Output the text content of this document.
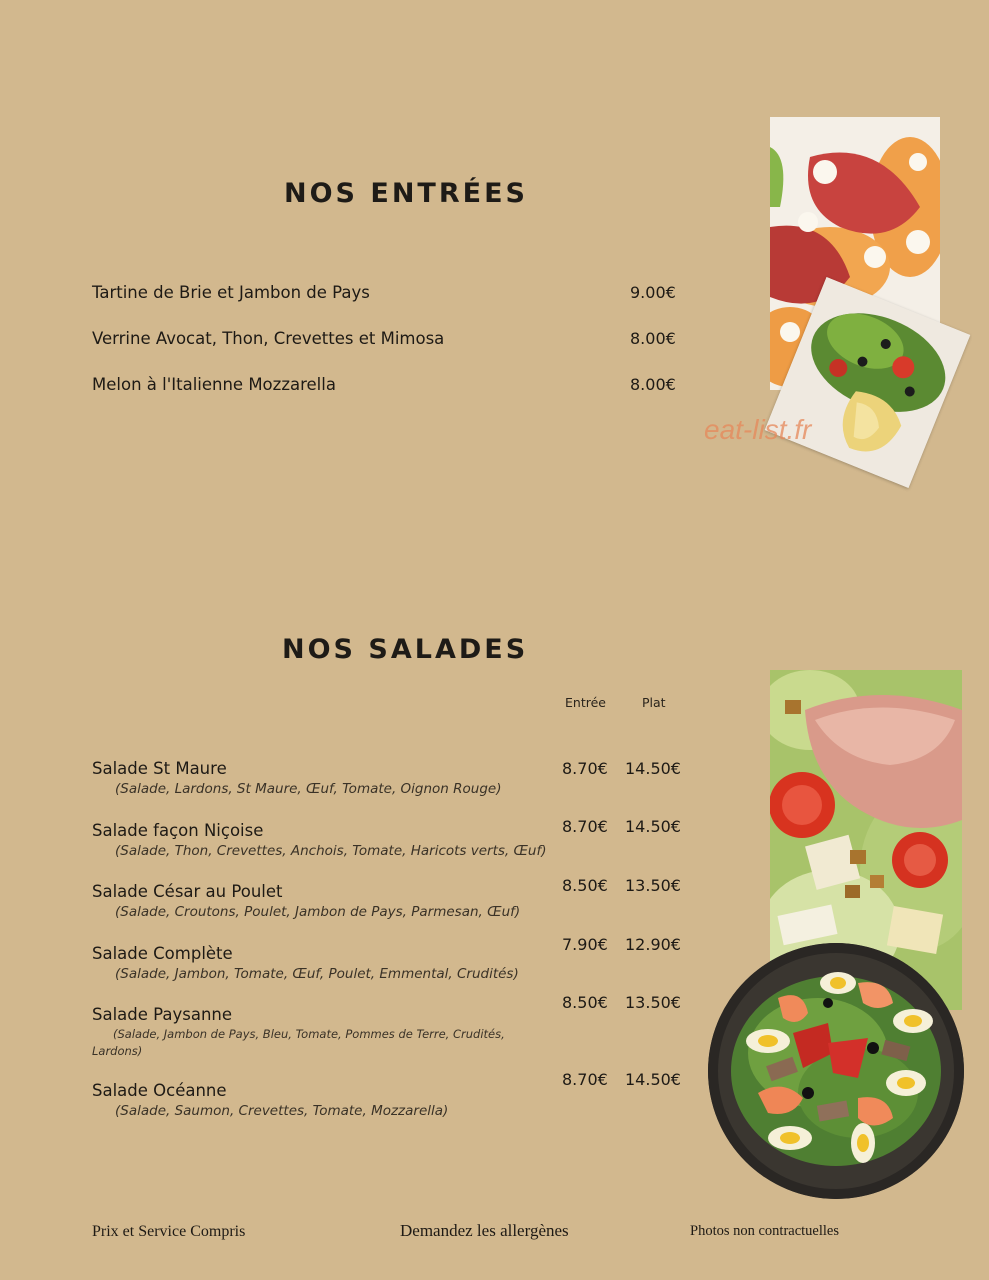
NOS ENTRÉES
Tartine de Brie et Jambon de Pays	9.00€
Verrine Avocat, Thon, Crevettes et Mimosa	8.00€
Melon à l'Italienne Mozzarella	8.00€
eat-list.fr
NOS SALADES
Entrée	Plat
Salade St Maure
(Salade, Lardons, St Maure, Œuf, Tomate, Oignon Rouge)
8.70€ 14.50€
Salade façon Niçoise
(Salade, Thon, Crevettes, Anchois, Tomate, Haricots verts, Œuf)
8.70€ 14.50€
Salade César au Poulet
(Salade, Croutons, Poulet, Jambon de Pays, Parmesan, Œuf)
8.50€ 13.50€
Salade Complète
(Salade, Jambon, Tomate, Œuf, Poulet, Emmental, Crudités)
7.90€ 12.90€
Salade Paysanne
(Salade, Jambon de Pays, Bleu, Tomate, Pommes de Terre, Crudités,
Lardons)
8.50€ 13.50€
Salade Océanne
(Salade, Saumon, Crevettes, Tomate, Mozzarella)
8.70€ 14.50€
Prix et Service Compris	Demandez les allergènes	Photos non contractuelles
